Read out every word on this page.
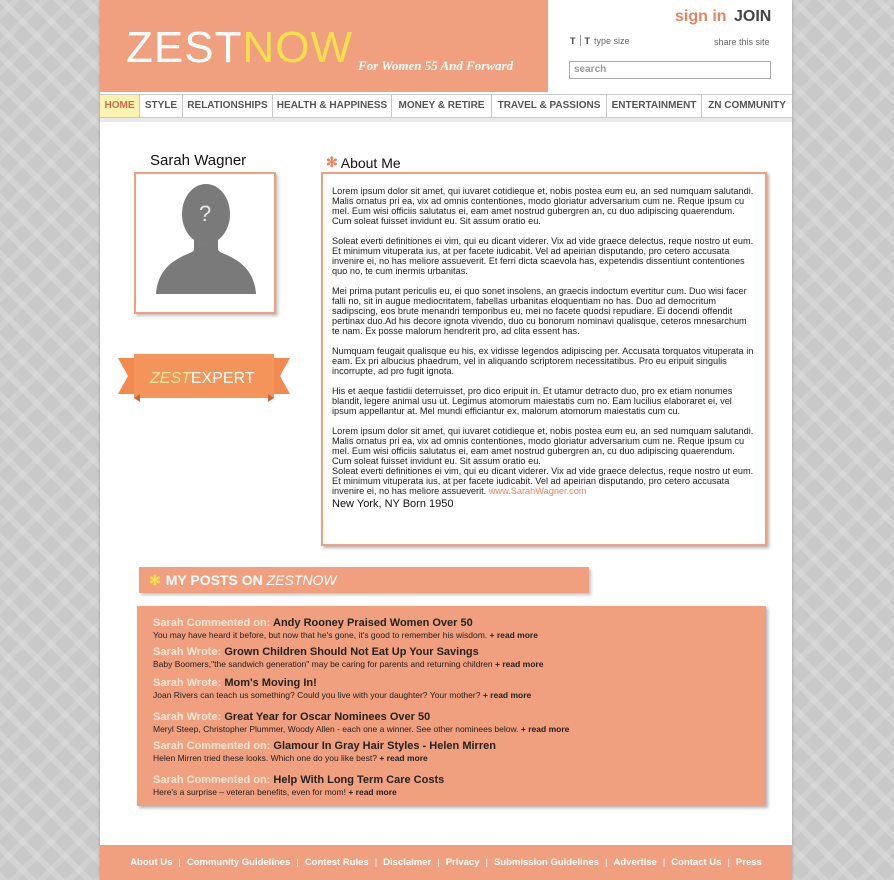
ZESTNOW For Women 55 And Forward
sign in JOIN
T T type size	share this site
search
HOME	STYLE	RELATIONSHIPS HEALTH & HAPPINESS	MONEY & RETIRE	TRAVEL & PASSIONS	ENTERTAINMENT	ZN COMMUNITY
Sarah Wagner
?
ZESTEXPERT
✻ About Me

Lorem ipsum dolor sit amet, qui iuvaret cotidieque et, nobis postea eum eu, an sed numquam salutandi. Malis ornatus pri ea, vix ad omnis contentiones, modo gloriatur adversarium cum ne. Reque ipsum cu mel. Eum wisi officiis salutatus ei, eam amet nostrud gubergren an, cu duo adipiscing quaerendum. Cum soleat fuisset invidunt eu. Sit assum oratio eu.

Soleat everti definitiones ei vim, qui eu dicant viderer. Vix ad vide graece delectus, reque nostro ut eum. Et minimum vituperata ius, at per facete iudicabit. Vel ad apeirian disputando, pro cetero accusata invenire ei, no has meliore assueverit. Et ferri dicta scaevola has, expetendis dissentiunt contentiones quo no, te cum inermis urbanitas.

Mei prima putant periculis eu, ei quo sonet insolens, an graecis indoctum evertitur cum. Duo wisi facer falli no, sit in augue mediocritatem, fabellas urbanitas eloquentiam no has. Duo ad democritum sadipscing, eos brute menandri temporibus eu, mei no facete quodsi repudiare. Ei docendi offendit pertinax duo.Ad his decore ignota vivendo, duo cu bonorum nominavi qualisque, ceteros mnesarchum te nam. Ex posse malorum hendrerit pro, ad clita essent has.

Numquam feugait qualisque eu his, ex vidisse legendos adipiscing per. Accusata torquatos vituperata in eam. Ex pri albucius phaedrum, vel in aliquando scriptorem necessitatibus. Pro eu eripuit singulis incorrupte, ad pro fugit ignota.

His et aeque fastidii deterruisset, pro dico eripuit in. Et utamur detracto duo, pro ex etiam nonumes blandit, legere animal usu ut. Legimus atomorum maiestatis cum no. Eam lucilius elaboraret ei, vel ipsum appellantur at. Mel mundi efficiantur ex, malorum atomorum maiestatis cum cu.

Lorem ipsum dolor sit amet, qui iuvaret cotidieque et, nobis postea eum eu, an sed numquam salutandi. Malis ornatus pri ea, vix ad omnis contentiones, modo gloriatur adversarium cum ne. Reque ipsum cu mel. Eum wisi officiis salutatus ei, eam amet nostrud gubergren an, cu duo adipiscing quaerendum. Cum soleat fuisset invidunt eu. Sit assum oratio eu.
Soleat everti definitiones ei vim, qui eu dicant viderer. Vix ad vide graece delectus, reque nostro ut eum. Et minimum vituperata ius, at per facete iudicabit. Vel ad apeirian disputando, pro cetero accusata invenire ei, no has meliore assueverit. www.SarahWagner.com

New York, NY Born 1950
✻ MY POSTS ON ZESTNOW
Sarah Commented on: Andy Rooney Praised Women Over 50
You may have heard it before, but now that he's gone, it's good to remember his wisdom. + read more
Sarah Wrote: Grown Children Should Not Eat Up Your Savings
Baby Boomers,"the sandwich generation" may be caring for parents and returning children + read more
Sarah Wrote: Mom's Moving In!
Joan Rivers can teach us something? Could you live with your daughter? Your mother? + read more
Sarah Wrote: Great Year for Oscar Nominees Over 50
Meryl Steep, Christopher Plummer, Woody Allen - each one a winner. See other nominees below. + read more
Sarah Commented on: Glamour In Gray Hair Styles - Helen Mirren
Helen Mirren tried these looks. Which one do you like best? + read more
Sarah Commented on: Help With Long Term Care Costs
Here's a surprise – veteran benefits, even for mom! + read more
About Us | Community Guidelines | Contest Rules | Disclaimer | Privacy | Submission Guidelines | Advertise | Contact Us | Press
